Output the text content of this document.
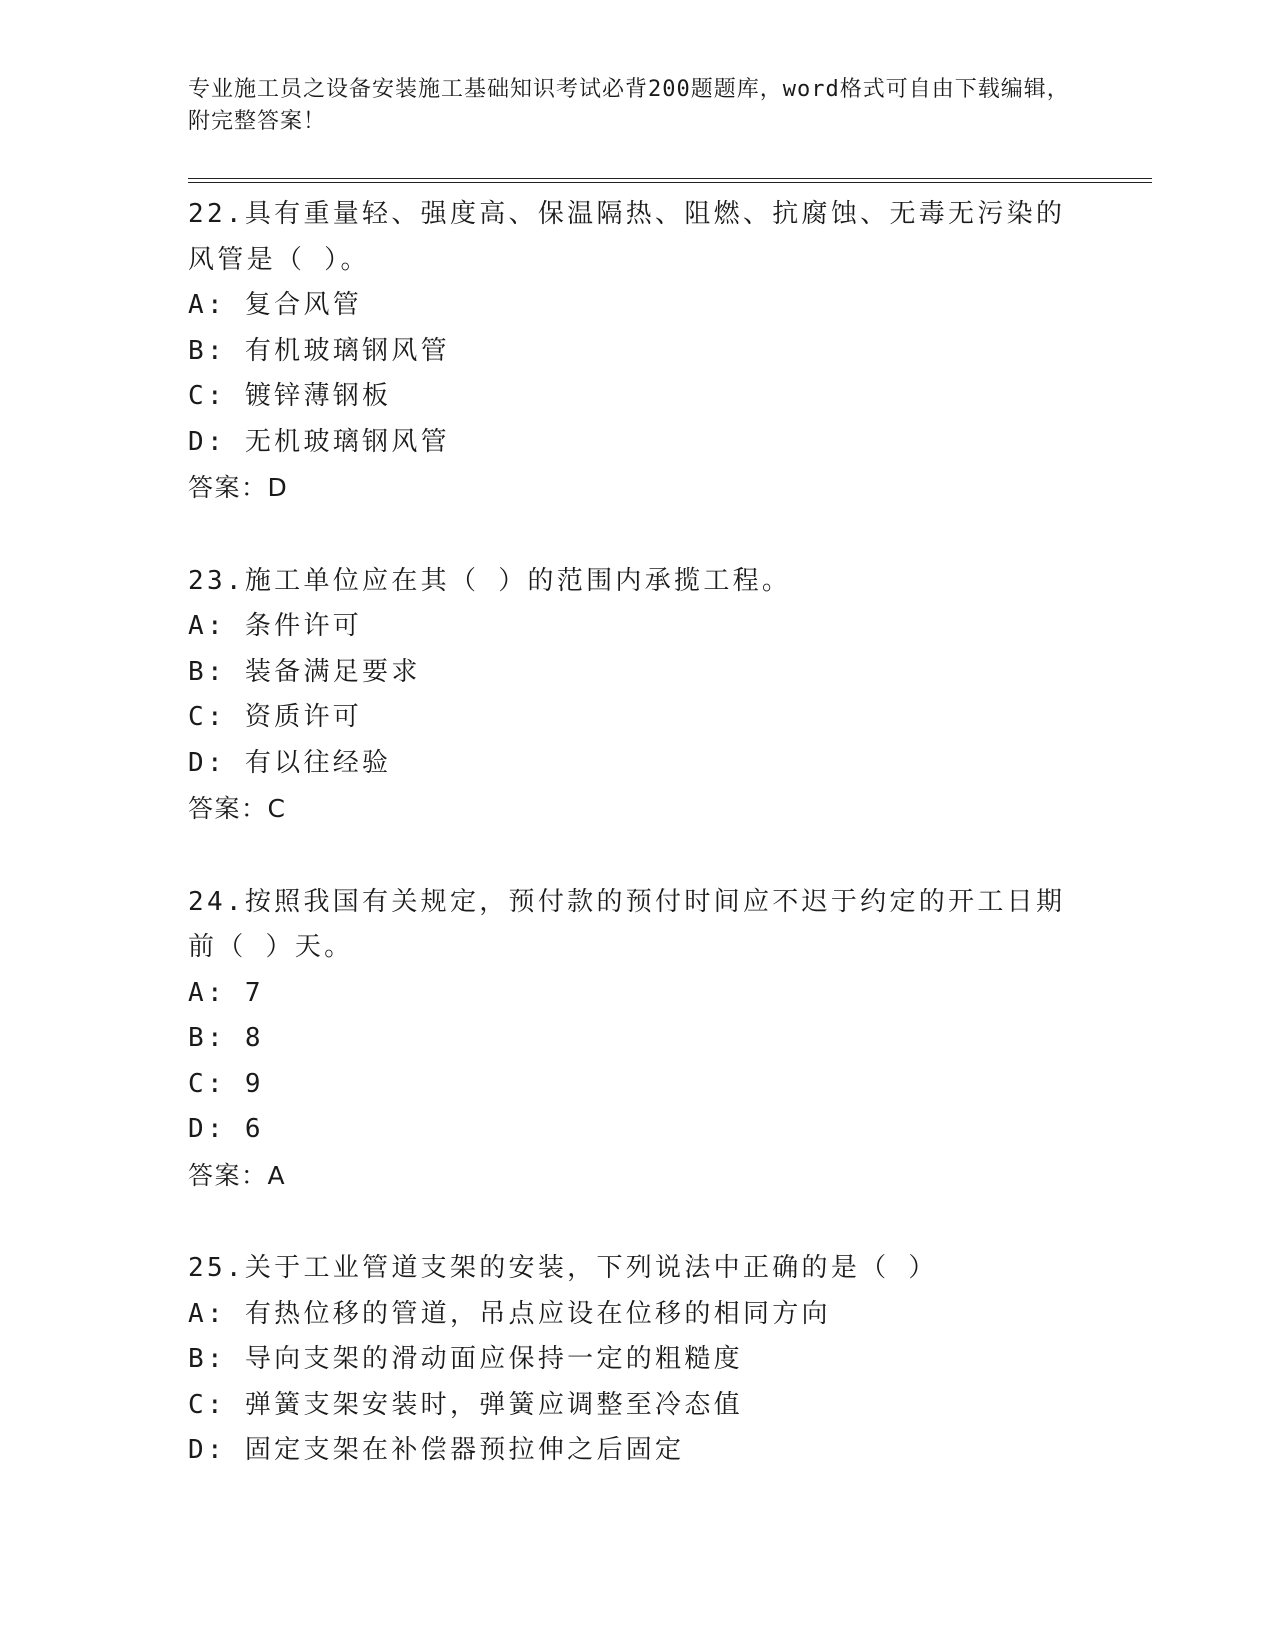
专业施工员之设备安装施工基础知识考试必背200题题库，word格式可自由下载编辑，附完整答案！

22.具有重量轻、强度高、保温隔热、阻燃、抗腐蚀、无毒无污染的风管是（ ）。

A: 复合风管

B: 有机玻璃钢风管

C: 镀锌薄钢板

D: 无机玻璃钢风管

答案：D

23.施工单位应在其（ ）的范围内承揽工程。

A: 条件许可

B: 装备满足要求

C: 资质许可

D: 有以往经验

答案：C

24.按照我国有关规定，预付款的预付时间应不迟于约定的开工日期前（ ）天。

A: 7

B: 8

C: 9

D: 6

答案：A

25.关于工业管道支架的安装，下列说法中正确的是（ ）

A: 有热位移的管道，吊点应设在位移的相同方向

B: 导向支架的滑动面应保持一定的粗糙度

C: 弹簧支架安装时，弹簧应调整至冷态值

D: 固定支架在补偿器预拉伸之后固定
